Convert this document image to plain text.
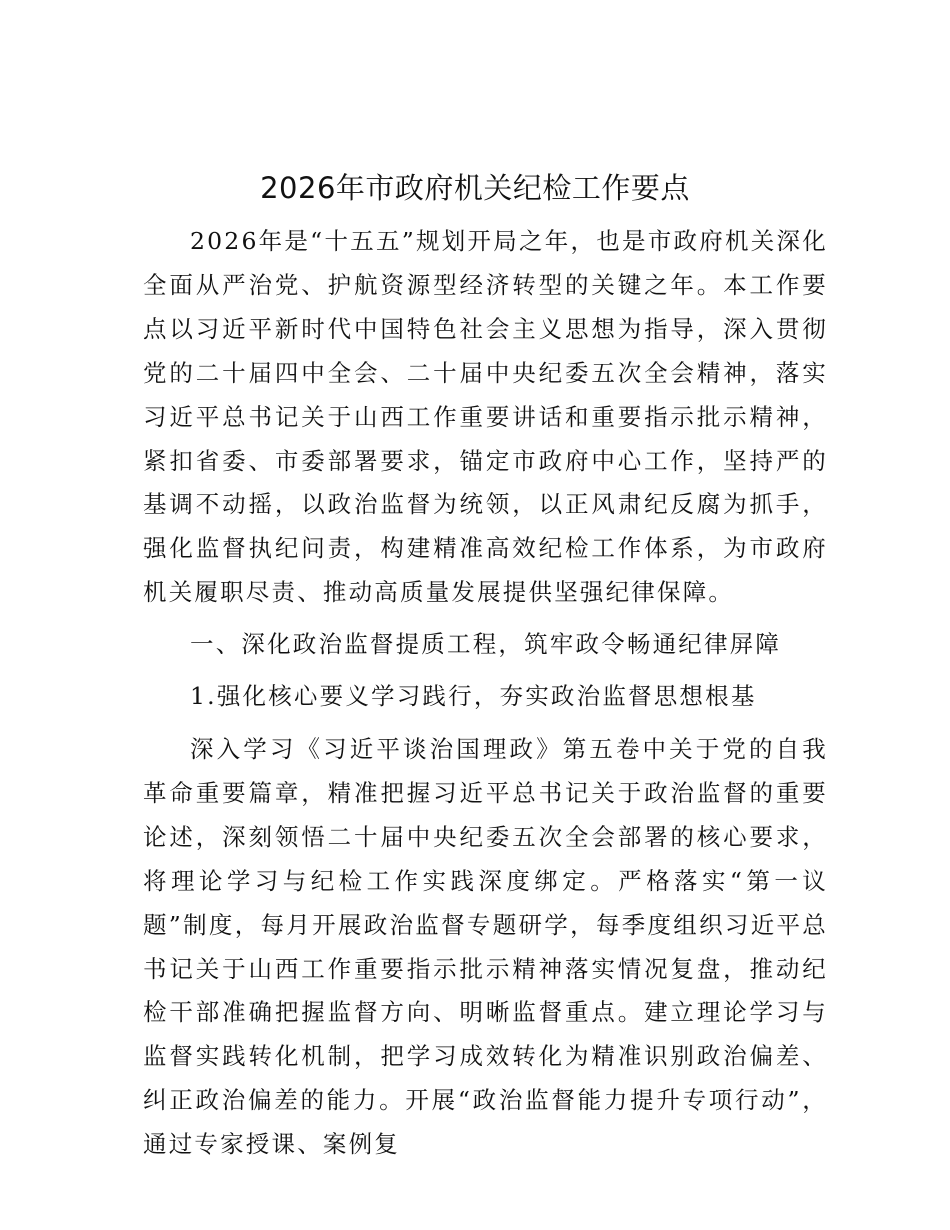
2026年市政府机关纪检工作要点

2026年是“十五五”规划开局之年，也是市政府机关深化全面从严治党、护航资源型经济转型的关键之年。本工作要点以习近平新时代中国特色社会主义思想为指导，深入贯彻党的二十届四中全会、二十届中央纪委五次全会精神，落实习近平总书记关于山西工作重要讲话和重要指示批示精神，紧扣省委、市委部署要求，锚定市政府中心工作，坚持严的基调不动摇，以政治监督为统领，以正风肃纪反腐为抓手，强化监督执纪问责，构建精准高效纪检工作体系，为市政府机关履职尽责、推动高质量发展提供坚强纪律保障。

一、深化政治监督提质工程，筑牢政令畅通纪律屏障

1.强化核心要义学习践行，夯实政治监督思想根基

深入学习《习近平谈治国理政》第五卷中关于党的自我革命重要篇章，精准把握习近平总书记关于政治监督的重要论述，深刻领悟二十届中央纪委五次全会部署的核心要求，将理论学习与纪检工作实践深度绑定。严格落实“第一议题”制度，每月开展政治监督专题研学，每季度组织习近平总书记关于山西工作重要指示批示精神落实情况复盘，推动纪检干部准确把握监督方向、明晰监督重点。建立理论学习与监督实践转化机制，把学习成效转化为精准识别政治偏差、纠正政治偏差的能力。开展“政治监督能力提升专项行动”，通过专家授课、案例复
